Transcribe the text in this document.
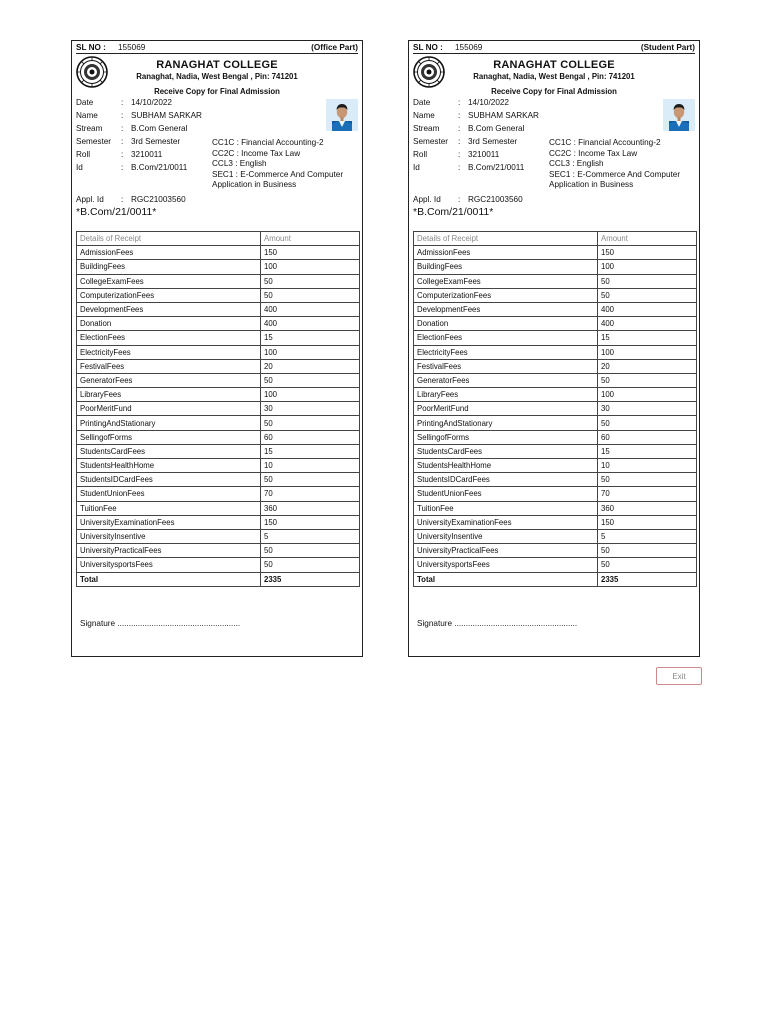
SL NO : 155069	(Office Part)
RANAGHAT COLLEGE
Ranaghat, Nadia, West Bengal , Pin: 741201
Receive Copy for Final Admission
Date	: 14/10/2022
Name	: SUBHAM SARKAR
Stream : B.Com General
Semester : 3rd Semester
Roll	: 3210011
Id	: B.Com/21/0011
CC1C : Financial Accounting-2
CC2C : Income Tax Law
CCL3 : English
SEC1 : E-Commerce And Computer Application in Business
Appl. Id : RGC21003560
*B.Com/21/0011*
Details of Receipt	Amount
AdmissionFees	150
BuildingFees	100
CollegeExamFees	50
ComputerizationFees	50
DevelopmentFees	400
Donation	400
ElectionFees	15
ElectricityFees	100
FestivalFees	20
GeneratorFees	50
LibraryFees	100
PoorMeritFund	30
PrintingAndStationary	50
SellingofForms	60
StudentsCardFees	15
StudentsHealthHome	10
StudentsIDCardFees	50
StudentUnionFees	70
TuitionFee	360
UniversityExaminationFees	150
UniversityInsentive	5
UniversityPracticalFees	50
UniversitysportsFees	50
Total	2335
Signature ......................................................
SL NO : 155069	(Student Part)
RANAGHAT COLLEGE
Ranaghat, Nadia, West Bengal , Pin: 741201
Receive Copy for Final Admission
Date	: 14/10/2022
Name	: SUBHAM SARKAR
Stream : B.Com General
Semester : 3rd Semester
Roll	: 3210011
Id	: B.Com/21/0011
CC1C : Financial Accounting-2
CC2C : Income Tax Law
CCL3 : English
SEC1 : E-Commerce And Computer Application in Business
Appl. Id : RGC21003560
*B.Com/21/0011*
Details of Receipt	Amount
AdmissionFees	150
BuildingFees	100
CollegeExamFees	50
ComputerizationFees	50
DevelopmentFees	400
Donation	400
ElectionFees	15
ElectricityFees	100
FestivalFees	20
GeneratorFees	50
LibraryFees	100
PoorMeritFund	30
PrintingAndStationary	50
SellingofForms	60
StudentsCardFees	15
StudentsHealthHome	10
StudentsIDCardFees	50
StudentUnionFees	70
TuitionFee	360
UniversityExaminationFees	150
UniversityInsentive	5
UniversityPracticalFees	50
UniversitysportsFees	50
Total	2335
Signature ......................................................
Exit
